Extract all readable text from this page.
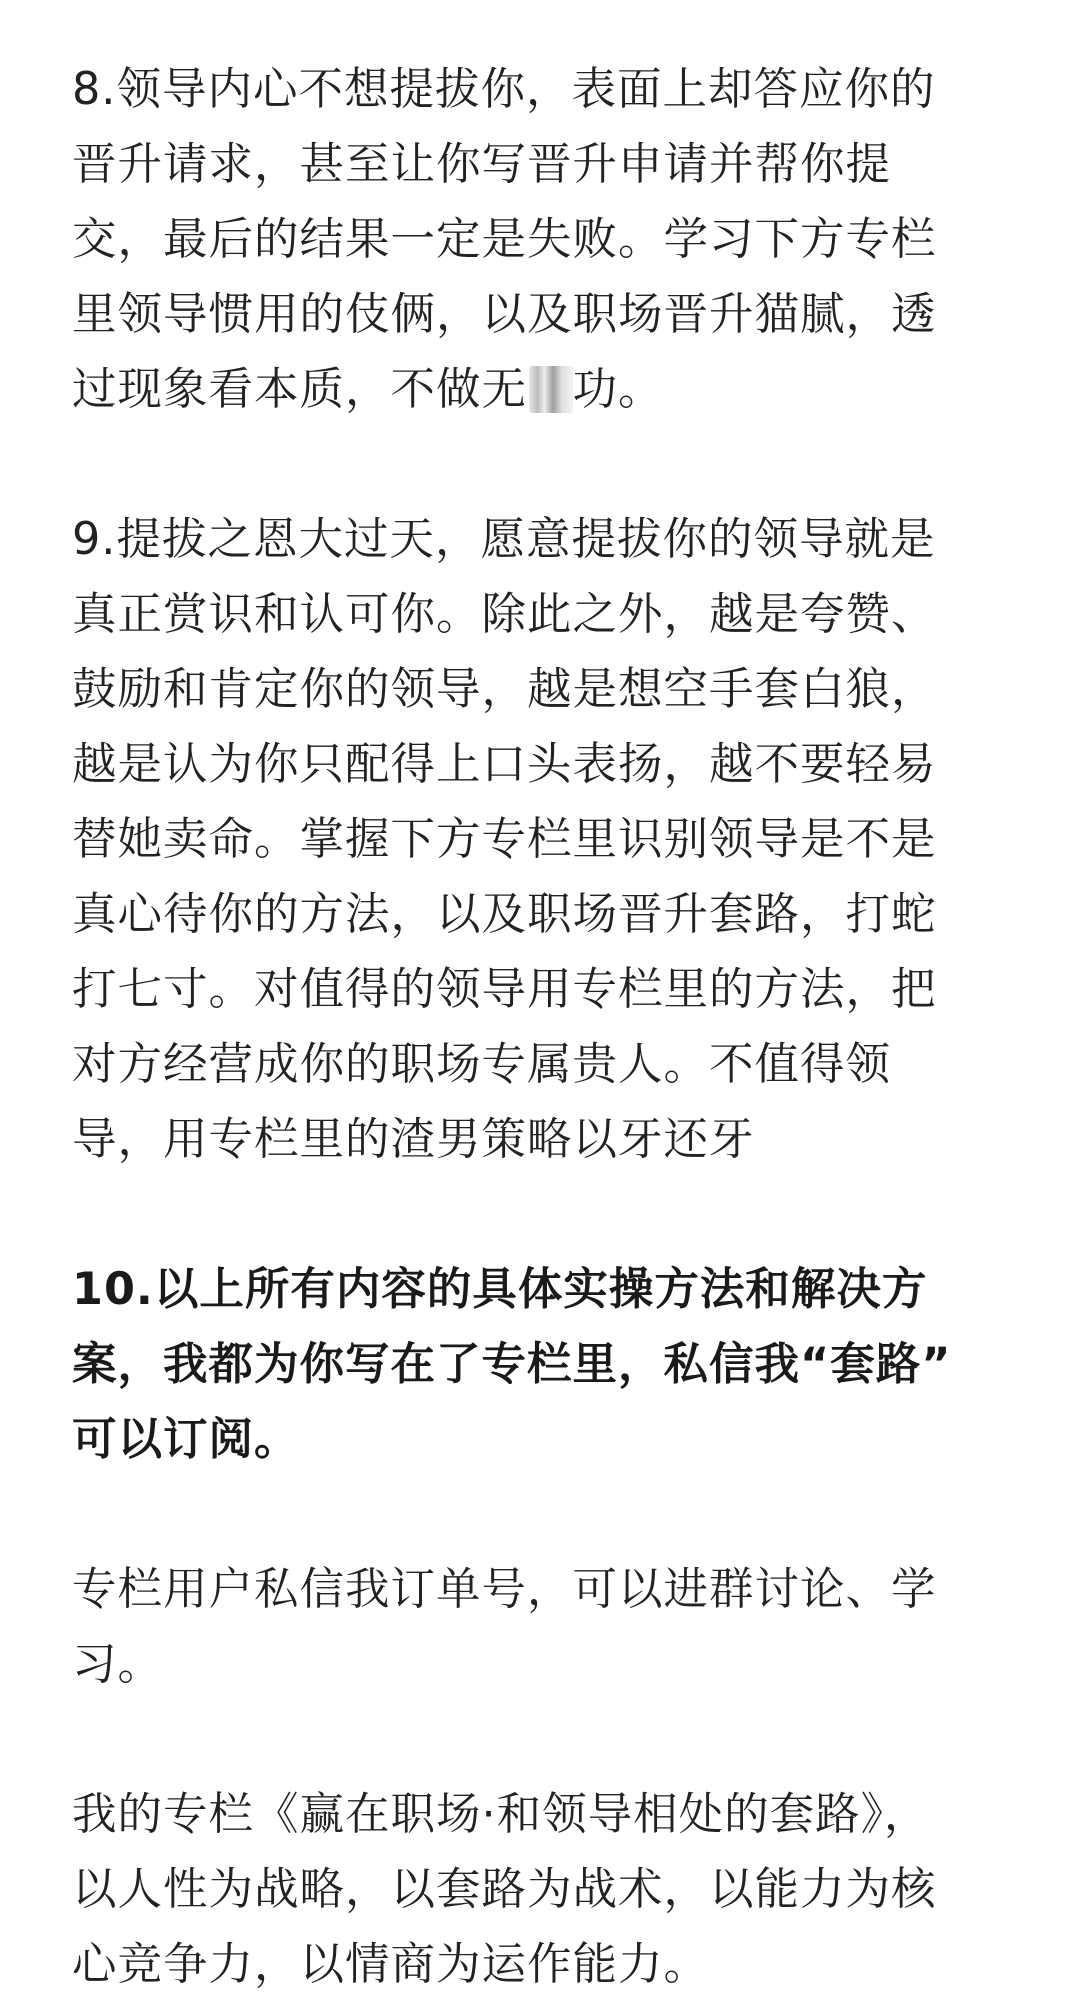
8.领导内心不想提拔你，表面上却答应你的
晋升请求，甚至让你写晋升申请并帮你提
交，最后的结果一定是失败。学习下方专栏
里领导惯用的伎俩，以及职场晋升猫腻，透
过现象看本质，不做无 功。
9.提拔之恩大过天，愿意提拔你的领导就是
真正赏识和认可你。除此之外，越是夸赞、
鼓励和肯定你的领导，越是想空手套白狼，
越是认为你只配得上口头表扬，越不要轻易
替她卖命。掌握下方专栏里识别领导是不是
真心待你的方法，以及职场晋升套路，打蛇
打七寸。对值得的领导用专栏里的方法，把
对方经营成你的职场专属贵人。不值得领
导，用专栏里的渣男策略以牙还牙
10.以上所有内容的具体实操方法和解决方
案，我都为你写在了专栏里，私信我“套路”
可以订阅。
专栏用户私信我订单号，可以进群讨论、学
习。
我的专栏《赢在职场·和领导相处的套路》，
以人性为战略，以套路为战术，以能力为核
心竞争力，以情商为运作能力。
